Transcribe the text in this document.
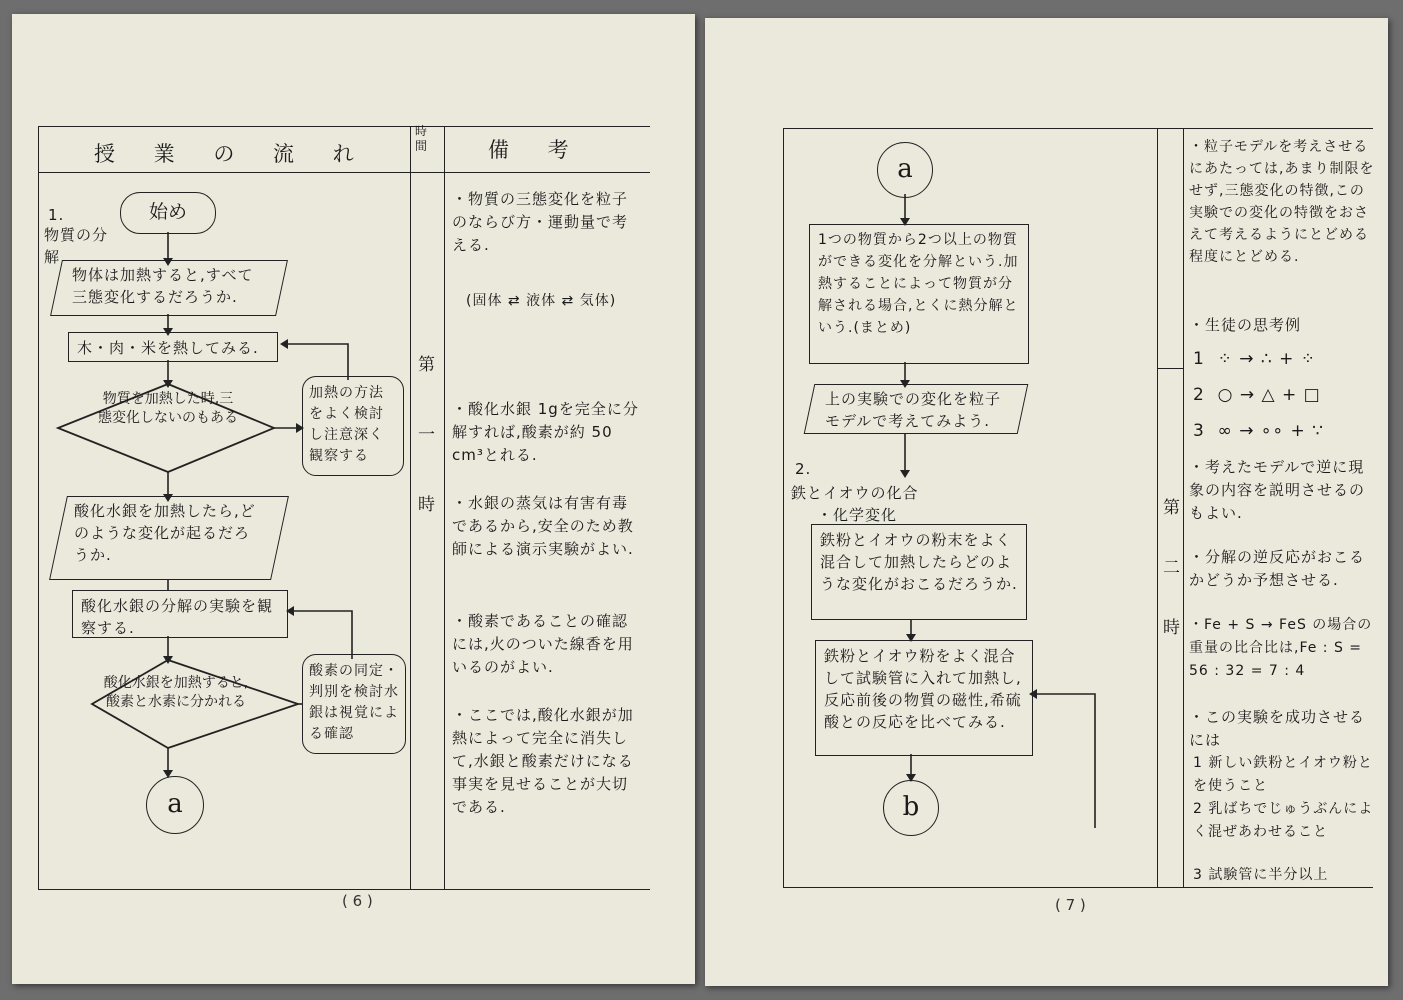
授 業 の 流 れ
時間	備 考
1.
物質の分解
始め
物体は加熱すると,すべて三態変化するだろうか.
木・肉・米を熱してみる.
物質を加熱した時,三態変化しないのもある
加熱の方法をよく検討し注意深く観察する
酸化水銀を加熱したら,どのような変化が起るだろうか.
酸化水銀の分解の実験を観察する.
酸化水銀を加熱すると,酸素と水素に分かれる
酸素の同定・判別を検討水銀は視覚による確認
a
第一時
・物質の三態変化を粒子のならび方・運動量で考える.
(固体 ⇄ 液体 ⇄ 気体)
・酸化水銀 1gを完全に分解すれば,酸素が約 50 cm³とれる.
・水銀の蒸気は有害有毒であるから,安全のため教師による演示実験がよい.
・酸素であることの確認には,火のついた線香を用いるのがよい.
・ここでは,酸化水銀が加熱によって完全に消失して,水銀と酸素だけになる事実を見せることが大切である.
( 6 )
a
1つの物質から2つ以上の物質ができる変化を分解という.加熱することによって物質が分解される場合,とくに熱分解という.(まとめ)
上の実験での変化を粒子モデルで考えてみよう.
2.
鉄とイオウの化合
・化学変化
鉄粉とイオウの粉末をよく混合して加熱したらどのような変化がおこるだろうか.
鉄粉とイオウ粉をよく混合して試験管に入れて加熱し,反応前後の物質の磁性,希硫酸との反応を比べてみる.
b
第二時
・粒子モデルを考えさせるにあたっては,あまり制限をせず,三態変化の特徴,この実験での変化の特徴をおさえて考えるようにとどめる程度にとどめる.
・生徒の思考例
1  ⁘ → ∴ + ⁘
2  ○ → △ + □
3  ∞ → ∘∘ + ∵
・考えたモデルで逆に現象の内容を説明させるのもよい.
・分解の逆反応がおこるかどうか予想させる.
・Fe + S → FeS の場合の重量の比合比は,Fe : S = 56 : 32 = 7 : 4
・この実験を成功させるには
1 新しい鉄粉とイオウ粉とを使うこと
2 乳ばちでじゅうぶんによく混ぜあわせること
3 試験管に半分以上
( 7 )
